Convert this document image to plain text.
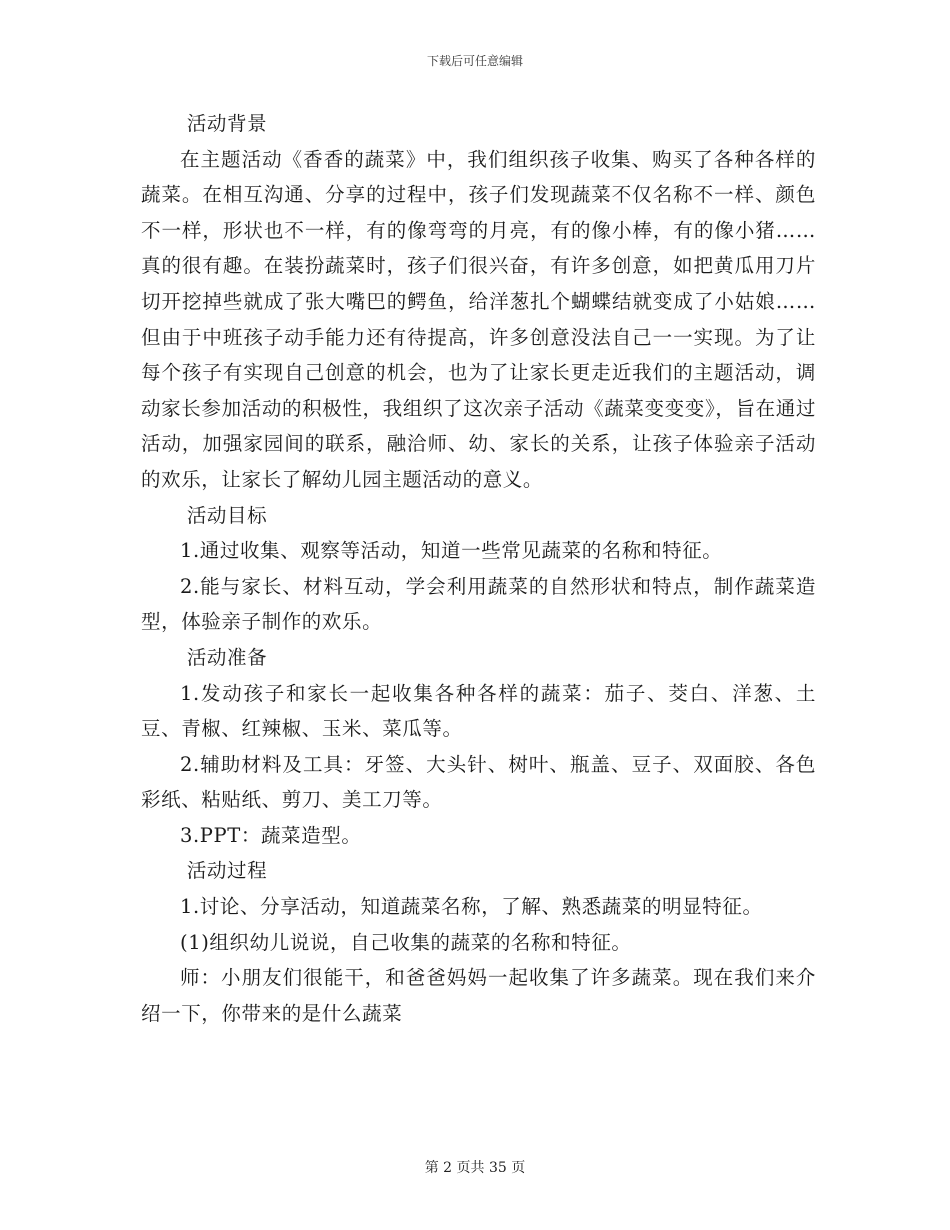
下载后可任意编辑

活动背景

在主题活动《香香的蔬菜》中，我们组织孩子收集、购买了各种各样的蔬菜。在相互沟通、分享的过程中，孩子们发现蔬菜不仅名称不一样、颜色不一样，形状也不一样，有的像弯弯的月亮，有的像小棒，有的像小猪……真的很有趣。在装扮蔬菜时，孩子们很兴奋，有许多创意，如把黄瓜用刀片切开挖掉些就成了张大嘴巴的鳄鱼，给洋葱扎个蝴蝶结就变成了小姑娘……但由于中班孩子动手能力还有待提高，许多创意没法自己一一实现。为了让每个孩子有实现自己创意的机会，也为了让家长更走近我们的主题活动，调动家长参加活动的积极性，我组织了这次亲子活动《蔬菜变变变》，旨在通过活动，加强家园间的联系，融洽师、幼、家长的关系，让孩子体验亲子活动的欢乐，让家长了解幼儿园主题活动的意义。

活动目标

1.通过收集、观察等活动，知道一些常见蔬菜的名称和特征。

2.能与家长、材料互动，学会利用蔬菜的自然形状和特点，制作蔬菜造型，体验亲子制作的欢乐。

活动准备

1.发动孩子和家长一起收集各种各样的蔬菜：茄子、茭白、洋葱、土豆、青椒、红辣椒、玉米、菜瓜等。

2.辅助材料及工具：牙签、大头针、树叶、瓶盖、豆子、双面胶、各色彩纸、粘贴纸、剪刀、美工刀等。

3.PPT：蔬菜造型。

活动过程

1.讨论、分享活动，知道蔬菜名称，了解、熟悉蔬菜的明显特征。

(1)组织幼儿说说，自己收集的蔬菜的名称和特征。

师：小朋友们很能干，和爸爸妈妈一起收集了许多蔬菜。现在我们来介绍一下，你带来的是什么蔬菜

第 2 页共 35 页
